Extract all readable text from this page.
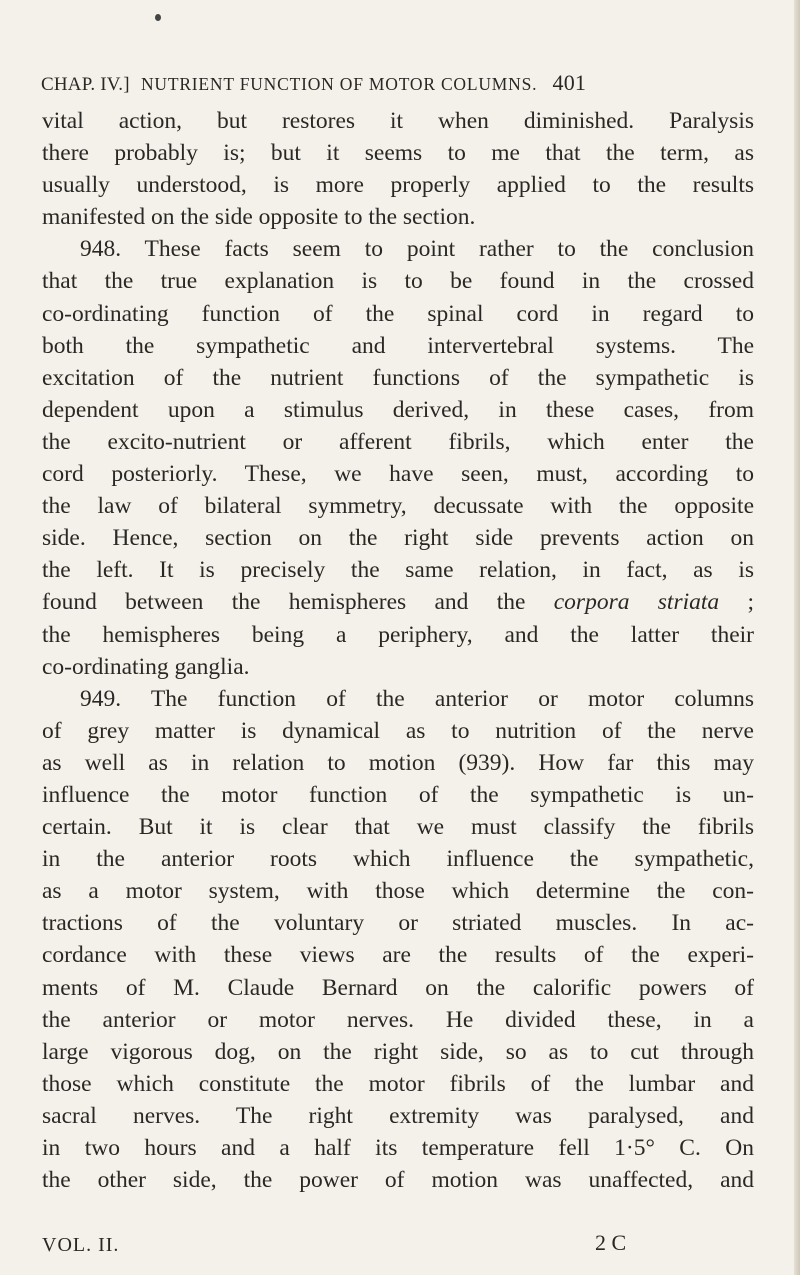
CHAP. IV.] NUTRIENT FUNCTION OF MOTOR COLUMNS. 401
vital action, but restores it when diminished. Paralysis
there probably is; but it seems to me that the term, as
usually understood, is more properly applied to the results
manifested on the side opposite to the section.
948. These facts seem to point rather to the conclusion
that the true explanation is to be found in the crossed
co-ordinating function of the spinal cord in regard to
both the sympathetic and intervertebral systems. The
excitation of the nutrient functions of the sympathetic is
dependent upon a stimulus derived, in these cases, from
the excito-nutrient or afferent fibrils, which enter the
cord posteriorly. These, we have seen, must, according to
the law of bilateral symmetry, decussate with the opposite
side. Hence, section on the right side prevents action on
the left. It is precisely the same relation, in fact, as is
found between the hemispheres and the corpora striata ;
the hemispheres being a periphery, and the latter their
co-ordinating ganglia.
949. The function of the anterior or motor columns
of grey matter is dynamical as to nutrition of the nerve
as well as in relation to motion (939). How far this may
influence the motor function of the sympathetic is un-
certain. But it is clear that we must classify the fibrils
in the anterior roots which influence the sympathetic,
as a motor system, with those which determine the con-
tractions of the voluntary or striated muscles. In ac-
cordance with these views are the results of the experi-
ments of M. Claude Bernard on the calorific powers of
the anterior or motor nerves. He divided these, in a
large vigorous dog, on the right side, so as to cut through
those which constitute the motor fibrils of the lumbar and
sacral nerves. The right extremity was paralysed, and
in two hours and a half its temperature fell 1·5° C. On
the other side, the power of motion was unaffected, and
VOL. II.	2 C
